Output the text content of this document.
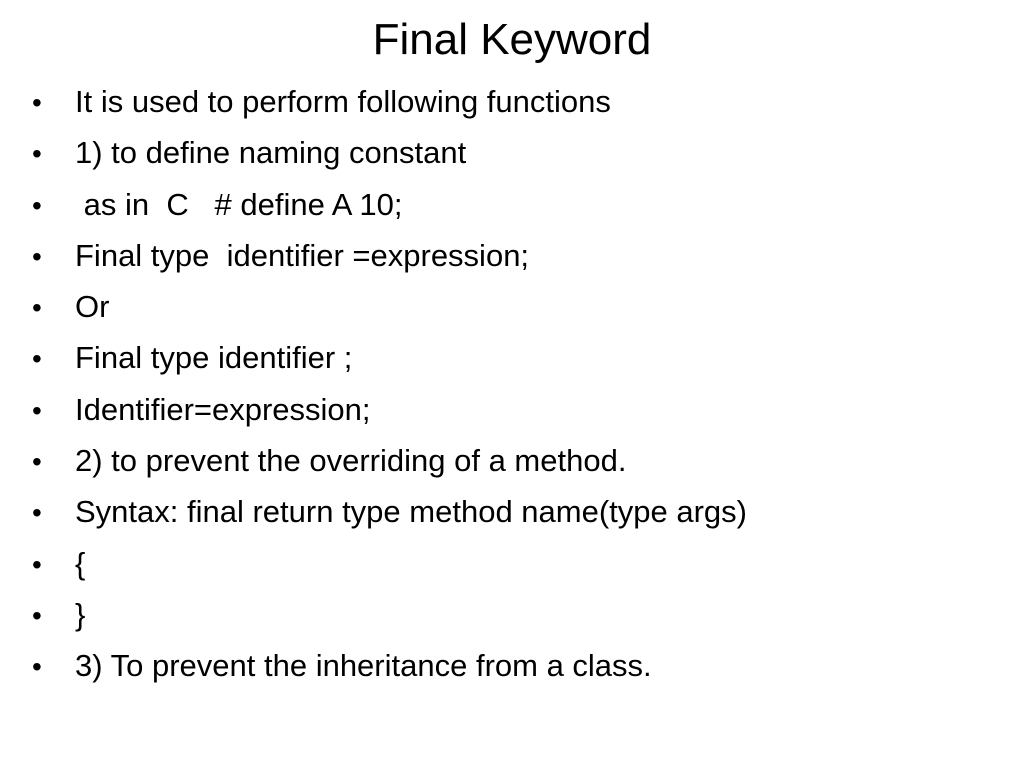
Final Keyword
•	It is used to perform following functions
•	1) to define naming constant
•	as in  C   # define A 10;
•	Final type  identifier =expression;
•	Or
•	Final type identifier ;
•	Identifier=expression;
•	2) to prevent the overriding of a method.
•	Syntax: final return type method name(type args)
•	{
•	}
•	3) To prevent the inheritance from a class.
